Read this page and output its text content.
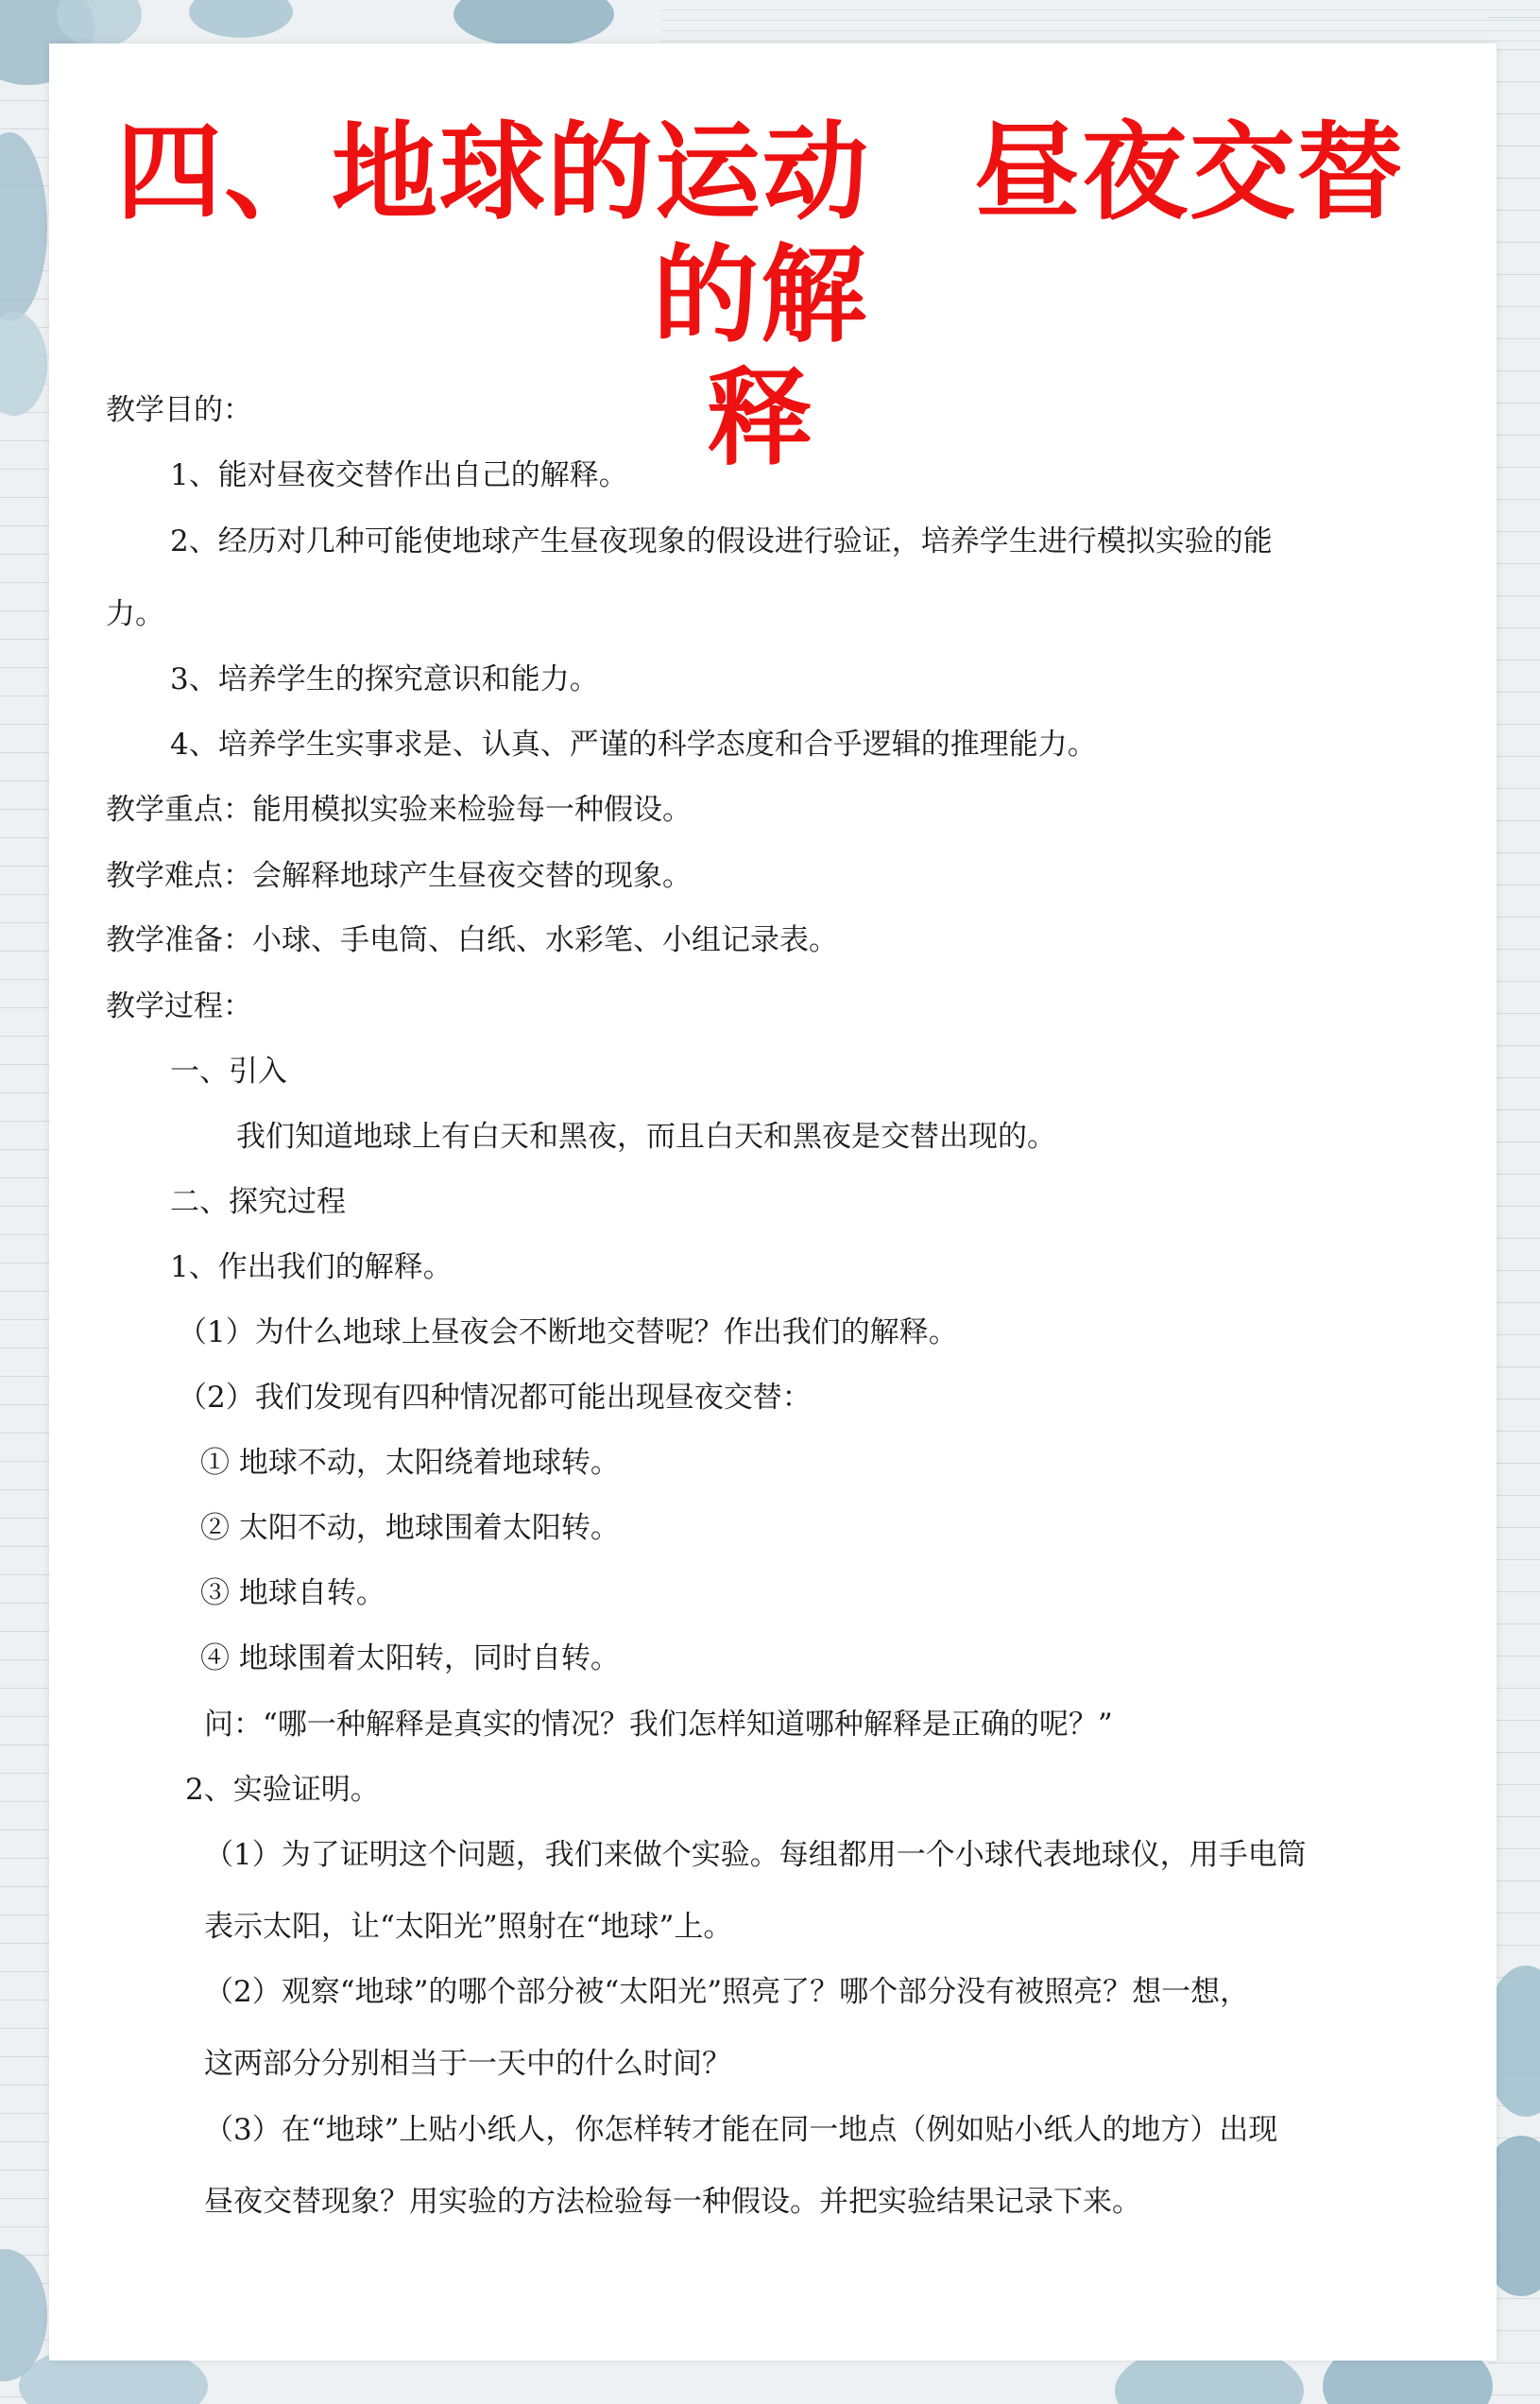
四、地球的运动 昼夜交替的解
释
教学目的：
1、能对昼夜交替作出自己的解释。
2、经历对几种可能使地球产生昼夜现象的假设进行验证，培养学生进行模拟实验的能
力。
3、培养学生的探究意识和能力。
4、培养学生实事求是、认真、严谨的科学态度和合乎逻辑的推理能力。
教学重点：能用模拟实验来检验每一种假设。
教学难点：会解释地球产生昼夜交替的现象。
教学准备：小球、手电筒、白纸、水彩笔、小组记录表。
教学过程：
一、引入
我们知道地球上有白天和黑夜，而且白天和黑夜是交替出现的。
二、探究过程
1、作出我们的解释。
（1）为什么地球上昼夜会不断地交替呢？作出我们的解释。
（2）我们发现有四种情况都可能出现昼夜交替：
① 地球不动，太阳绕着地球转。
② 太阳不动，地球围着太阳转。
③ 地球自转。
④ 地球围着太阳转，同时自转。
问：“哪一种解释是真实的情况？我们怎样知道哪种解释是正确的呢？”
2、实验证明。
（1）为了证明这个问题，我们来做个实验。每组都用一个小球代表地球仪，用手电筒
表示太阳，让“太阳光”照射在“地球”上。
（2）观察“地球”的哪个部分被“太阳光”照亮了？哪个部分没有被照亮？想一想，
这两部分分别相当于一天中的什么时间？
（3）在“地球”上贴小纸人，你怎样转才能在同一地点（例如贴小纸人的地方）出现
昼夜交替现象？用实验的方法检验每一种假设。并把实验结果记录下来。
